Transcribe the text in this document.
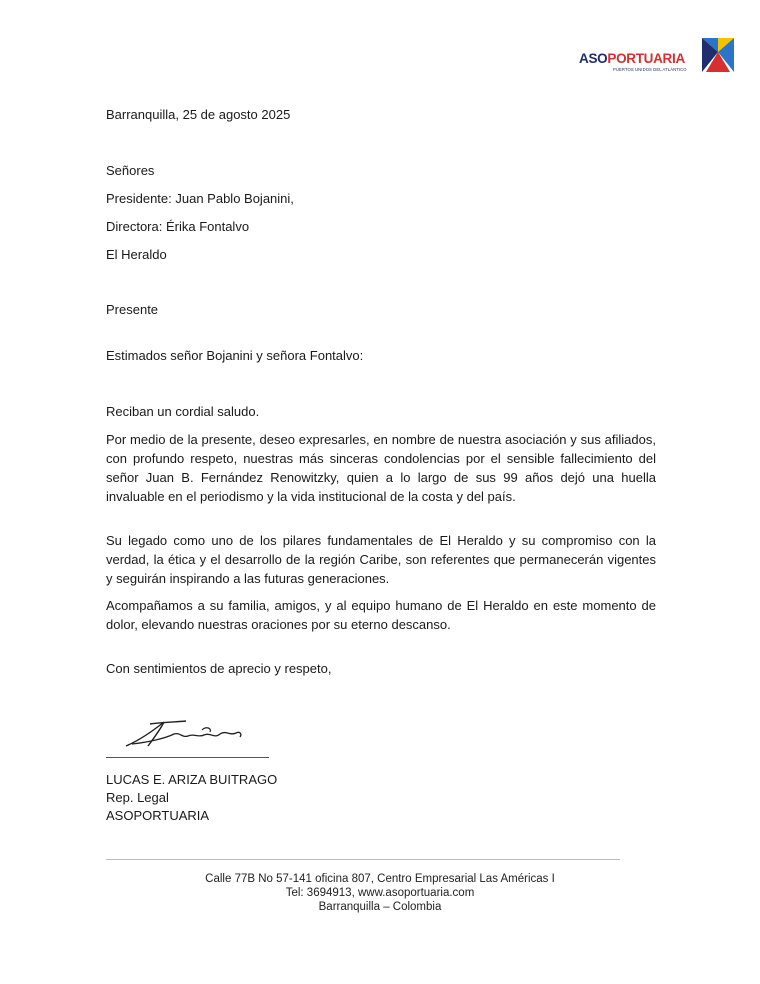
ASOPORTUARIA
PUERTOS UNIDOS DEL ATLÁNTICO
Barranquilla, 25 de agosto 2025
Señores
Presidente: Juan Pablo Bojanini,
Directora: Érika Fontalvo
El Heraldo
Presente
Estimados señor Bojanini y señora Fontalvo:
Reciban un cordial saludo.
Por medio de la presente, deseo expresarles, en nombre de nuestra asociación y sus afiliados, con profundo respeto, nuestras más sinceras condolencias por el sensible fallecimiento del señor Juan B. Fernández Renowitzky, quien a lo largo de sus 99 años dejó una huella invaluable en el periodismo y la vida institucional de la costa y del país.
Su legado como uno de los pilares fundamentales de El Heraldo y su compromiso con la verdad, la ética y el desarrollo de la región Caribe, son referentes que permanecerán vigentes y seguirán inspirando a las futuras generaciones.
Acompañamos a su familia, amigos, y al equipo humano de El Heraldo en este momento de dolor, elevando nuestras oraciones por su eterno descanso.
Con sentimientos de aprecio y respeto,
LUCAS E. ARIZA BUITRAGO
Rep. Legal
ASOPORTUARIA
Calle 77B No 57-141 oficina 807, Centro Empresarial Las Américas I
Tel: 3694913, www.asoportuaria.com
Barranquilla – Colombia
